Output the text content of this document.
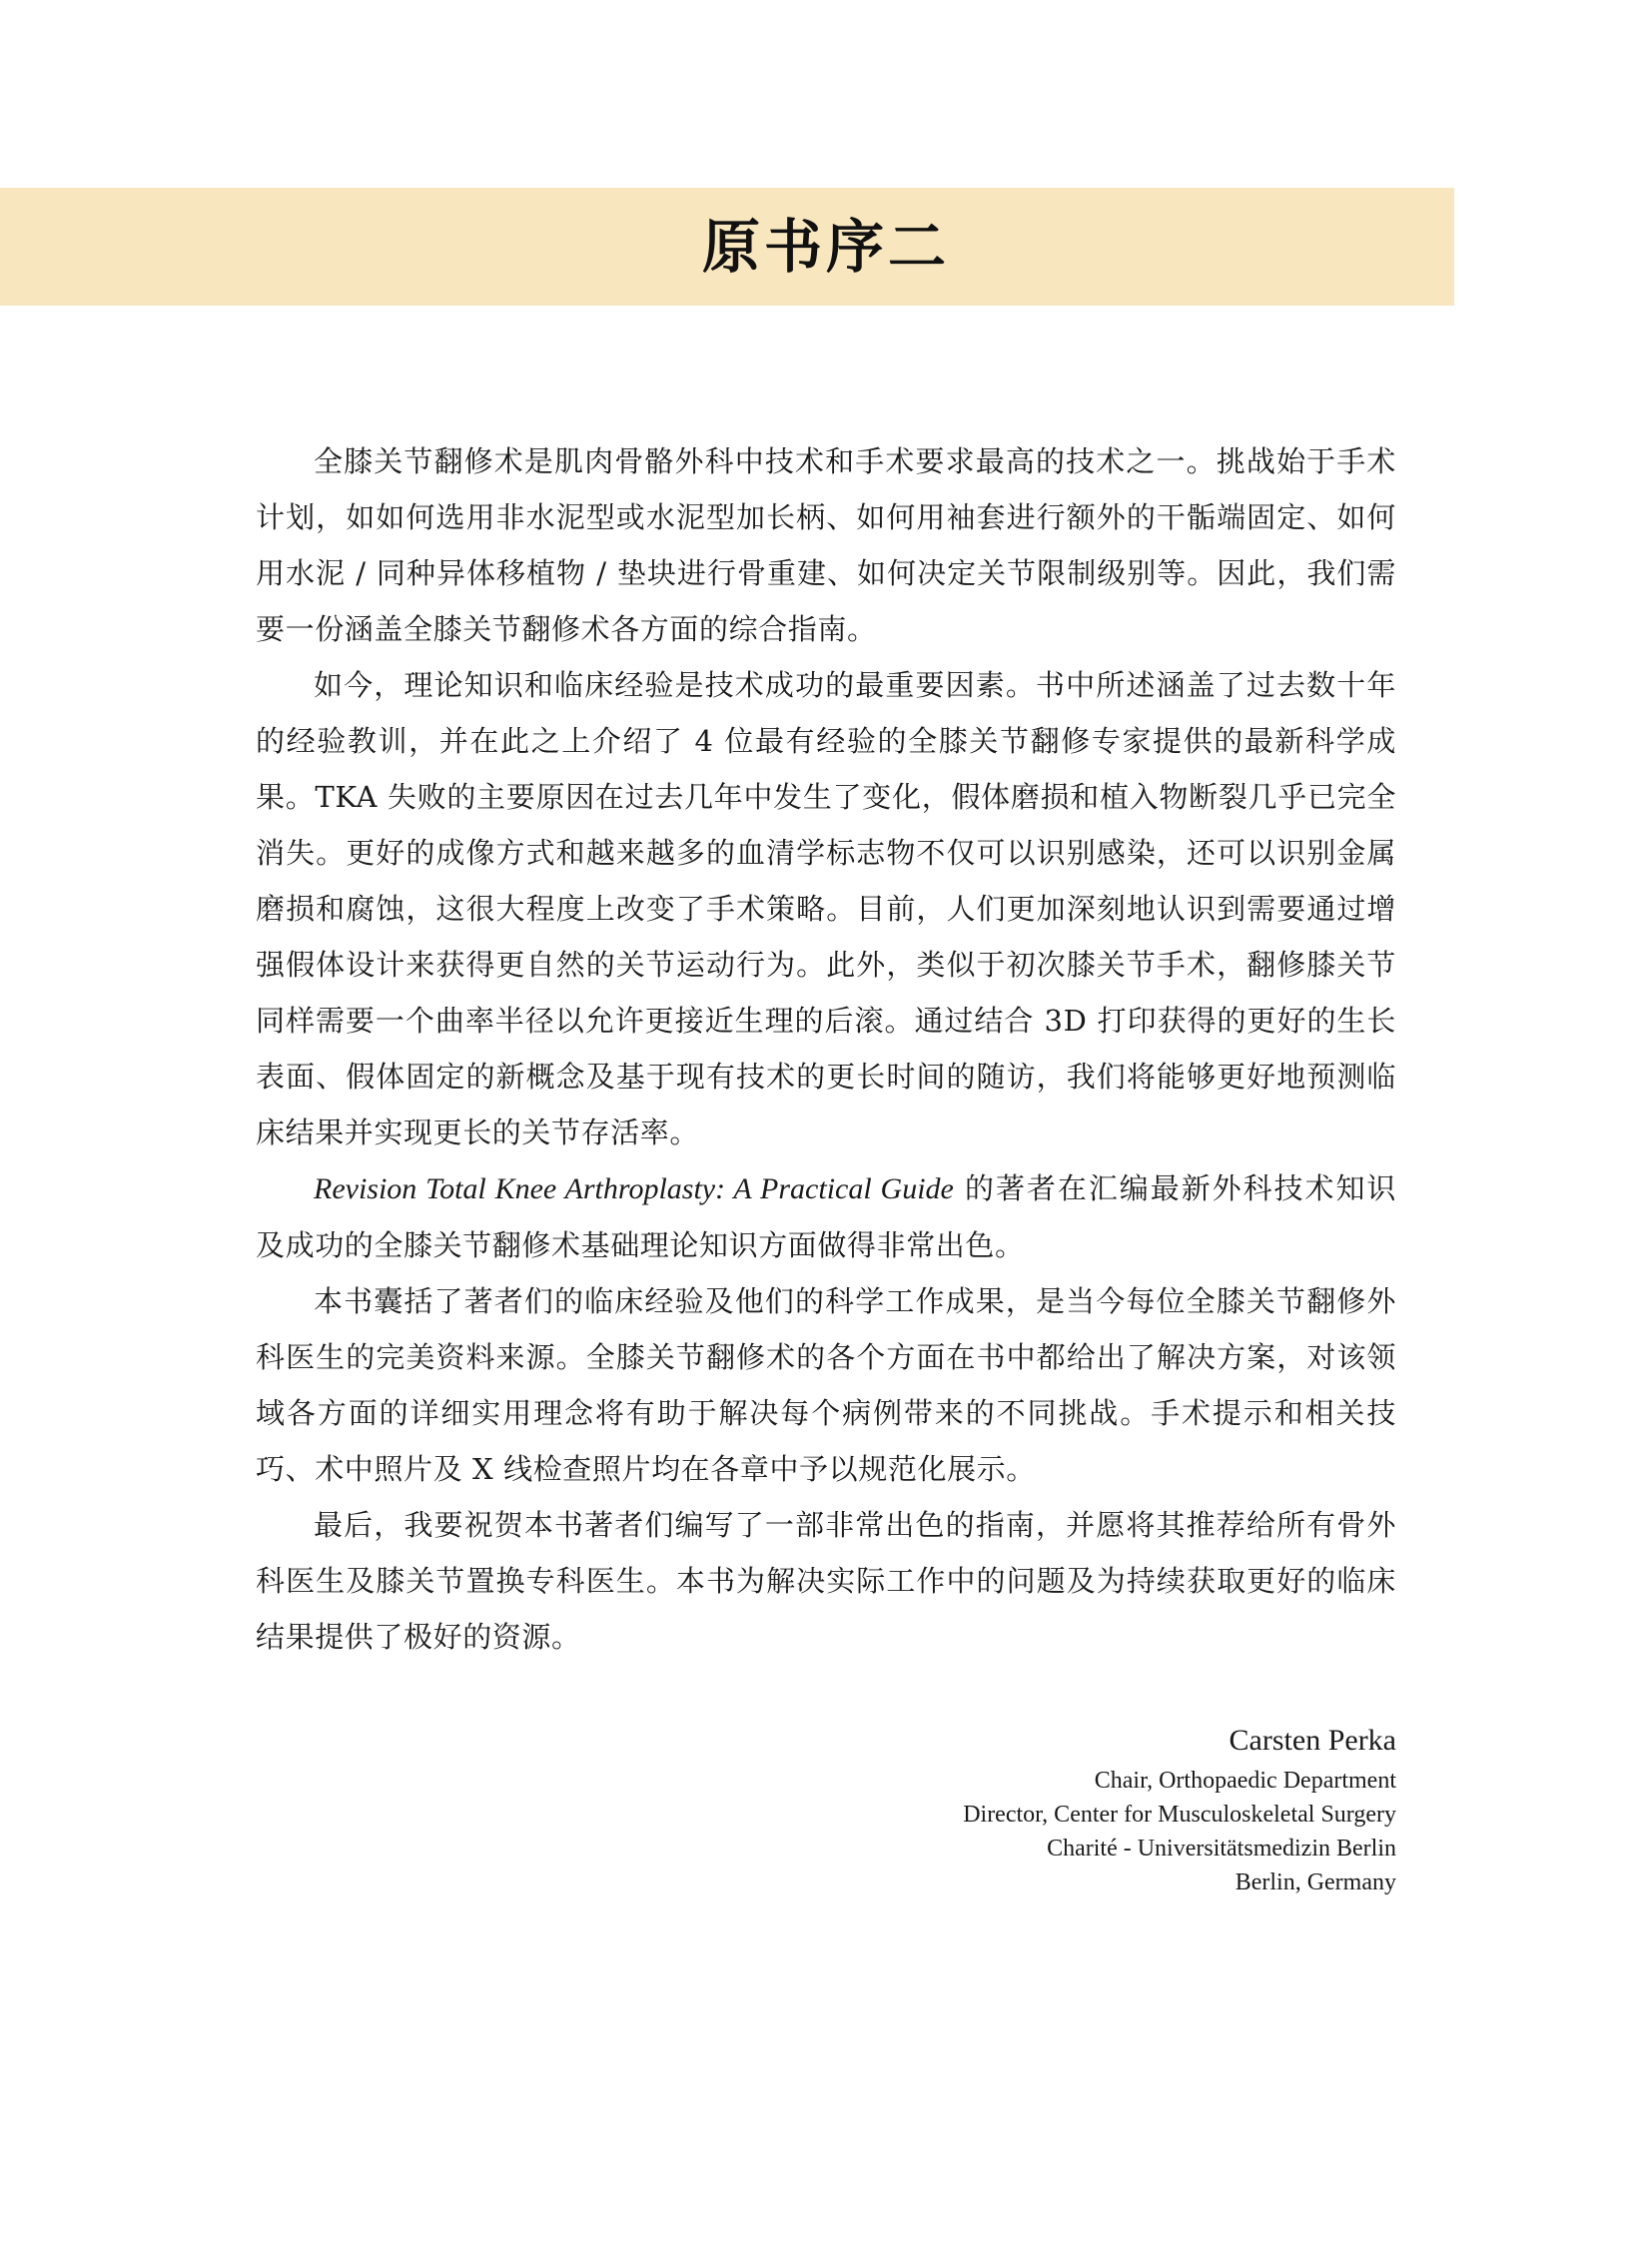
原书序二

全膝关节翻修术是肌肉骨骼外科中技术和手术要求最高的技术之一。挑战始于手术计划，如如何选用非水泥型或水泥型加长柄、如何用袖套进行额外的干骺端固定、如何用水泥 / 同种异体移植物 / 垫块进行骨重建、如何决定关节限制级别等。因此，我们需要一份涵盖全膝关节翻修术各方面的综合指南。

如今，理论知识和临床经验是技术成功的最重要因素。书中所述涵盖了过去数十年的经验教训，并在此之上介绍了 4 位最有经验的全膝关节翻修专家提供的最新科学成果。TKA 失败的主要原因在过去几年中发生了变化，假体磨损和植入物断裂几乎已完全消失。更好的成像方式和越来越多的血清学标志物不仅可以识别感染，还可以识别金属磨损和腐蚀，这很大程度上改变了手术策略。目前，人们更加深刻地认识到需要通过增强假体设计来获得更自然的关节运动行为。此外，类似于初次膝关节手术，翻修膝关节同样需要一个曲率半径以允许更接近生理的后滚。通过结合 3D 打印获得的更好的生长表面、假体固定的新概念及基于现有技术的更长时间的随访，我们将能够更好地预测临床结果并实现更长的关节存活率。

Revision Total Knee Arthroplasty: A Practical Guide 的著者在汇编最新外科技术知识及成功的全膝关节翻修术基础理论知识方面做得非常出色。

本书囊括了著者们的临床经验及他们的科学工作成果，是当今每位全膝关节翻修外科医生的完美资料来源。全膝关节翻修术的各个方面在书中都给出了解决方案，对该领域各方面的详细实用理念将有助于解决每个病例带来的不同挑战。手术提示和相关技巧、术中照片及 X 线检查照片均在各章中予以规范化展示。

最后，我要祝贺本书著者们编写了一部非常出色的指南，并愿将其推荐给所有骨外科医生及膝关节置换专科医生。本书为解决实际工作中的问题及为持续获取更好的临床结果提供了极好的资源。

Carsten Perka
Chair, Orthopaedic Department
Director, Center for Musculoskeletal Surgery
Charité - Universitätsmedizin Berlin
Berlin, Germany
